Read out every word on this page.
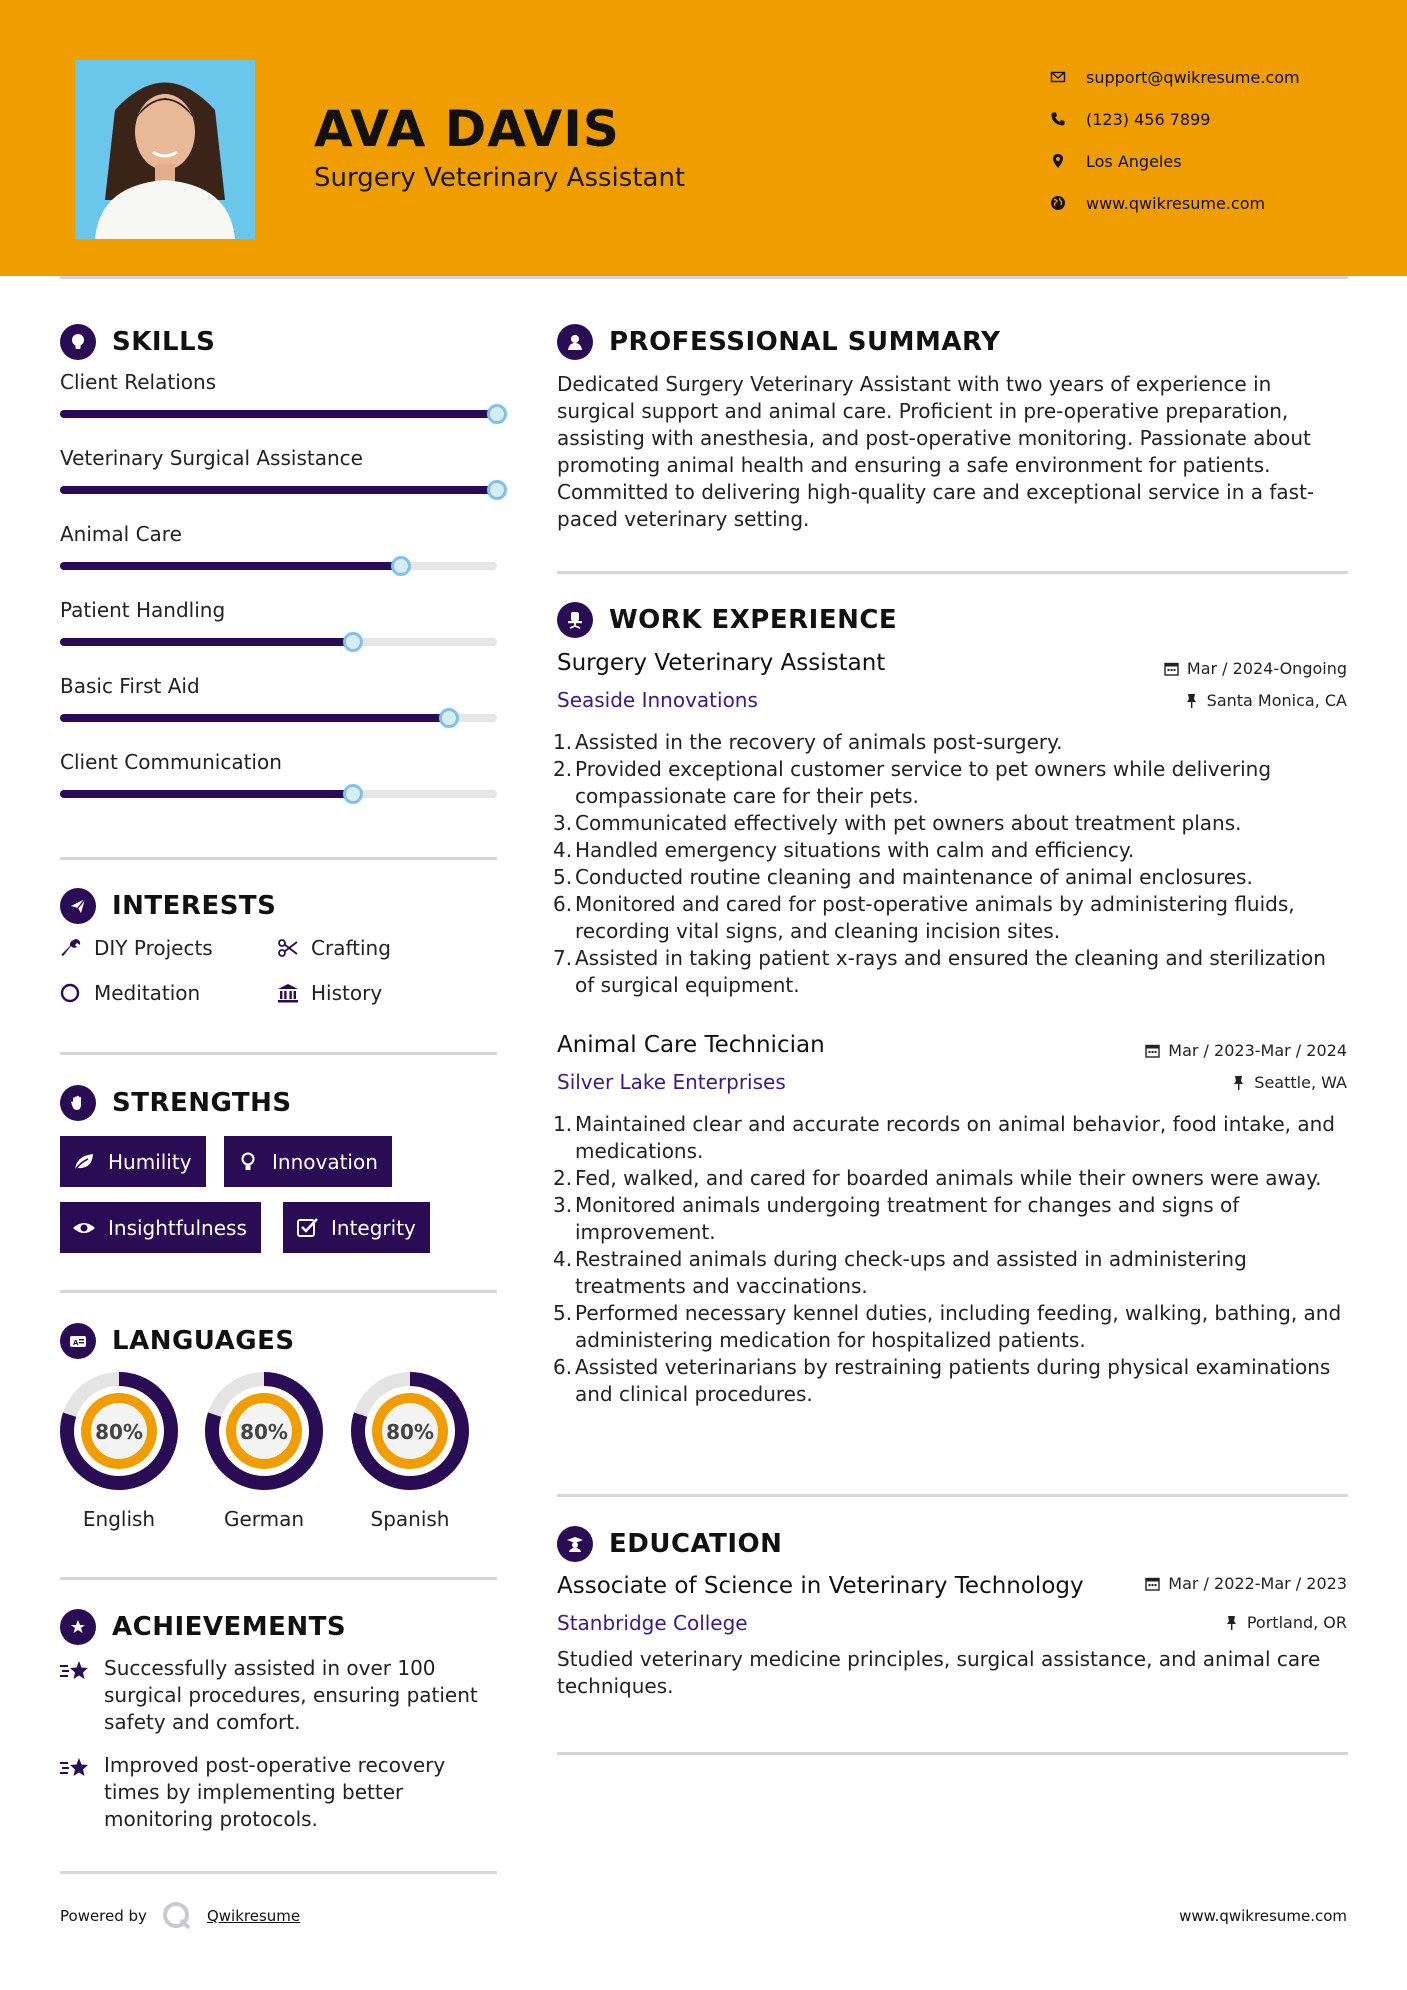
AVA DAVIS
Surgery Veterinary Assistant
support@qwikresume.com
(123) 456 7899
Los Angeles
www.qwikresume.com
SKILLS
Client Relations
Veterinary Surgical Assistance
Animal Care
Patient Handling
Basic First Aid
Client Communication
INTERESTS
DIY Projects	Crafting
Meditation	History
STRENGTHS
Humility	Innovation
Insightfulness	Integrity
A LANGUAGES
80%
English
80%
German
80%
Spanish
ACHIEVEMENTS
Successfully assisted in over 100 surgical procedures, ensuring patient safety and comfort.
Improved post-operative recovery times by implementing better monitoring protocols.
PROFESSIONAL SUMMARY
Dedicated Surgery Veterinary Assistant with two years of experience in surgical support and animal care. Proficient in pre-operative preparation, assisting with anesthesia, and post-operative monitoring. Passionate about promoting animal health and ensuring a safe environment for patients. Committed to delivering high-quality care and exceptional service in a fast-paced veterinary setting.
WORK EXPERIENCE
Surgery Veterinary Assistant	Mar / 2024-Ongoing
Seaside Innovations	Santa Monica, CA
1. Assisted in the recovery of animals post-surgery.
2. Provided exceptional customer service to pet owners while delivering compassionate care for their pets.
3. Communicated effectively with pet owners about treatment plans.
4. Handled emergency situations with calm and efficiency.
5. Conducted routine cleaning and maintenance of animal enclosures.
6. Monitored and cared for post-operative animals by administering fluids, recording vital signs, and cleaning incision sites.
7. Assisted in taking patient x-rays and ensured the cleaning and sterilization of surgical equipment.
Animal Care Technician	Mar / 2023-Mar / 2024
Silver Lake Enterprises	Seattle, WA
1. Maintained clear and accurate records on animal behavior, food intake, and medications.
2. Fed, walked, and cared for boarded animals while their owners were away.
3. Monitored animals undergoing treatment for changes and signs of improvement.
4. Restrained animals during check-ups and assisted in administering treatments and vaccinations.
5. Performed necessary kennel duties, including feeding, walking, bathing, and administering medication for hospitalized patients.
6. Assisted veterinarians by restraining patients during physical examinations and clinical procedures.
EDUCATION
Associate of Science in Veterinary Technology	Mar / 2022-Mar / 2023
Stanbridge College	Portland, OR
Studied veterinary medicine principles, surgical assistance, and animal care techniques.
Powered by	Qwikresume	www.qwikresume.com
